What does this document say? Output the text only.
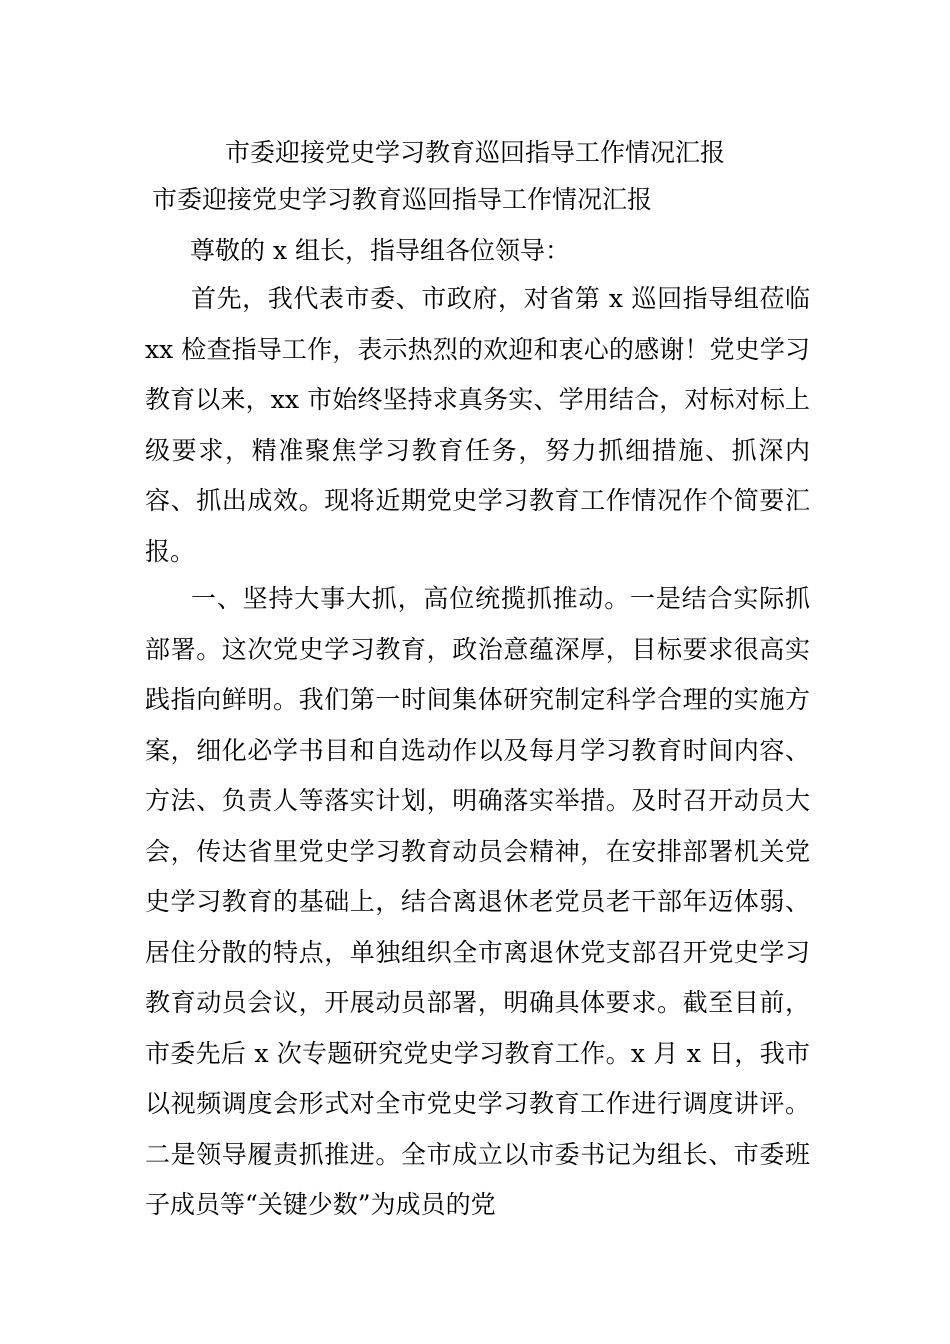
市委迎接党史学习教育巡回指导工作情况汇报
市委迎接党史学习教育巡回指导工作情况汇报
尊敬的 x 组长，指导组各位领导：

首先，我代表市委、市政府，对省第 x 巡回指导组莅临 xx 检查指导工作，表示热烈的欢迎和衷心的感谢！党史学习教育以来，xx 市始终坚持求真务实、学用结合，对标对标上级要求，精准聚焦学习教育任务，努力抓细措施、抓深内容、抓出成效。现将近期党史学习教育工作情况作个简要汇报。

一、坚持大事大抓，高位统揽抓推动。一是结合实际抓部署。这次党史学习教育，政治意蕴深厚，目标要求很高实践指向鲜明。我们第一时间集体研究制定科学合理的实施方案，细化必学书目和自选动作以及每月学习教育时间内容、方法、负责人等落实计划，明确落实举措。及时召开动员大会，传达省里党史学习教育动员会精神，在安排部署机关党史学习教育的基础上，结合离退休老党员老干部年迈体弱、居住分散的特点，单独组织全市离退休党支部召开党史学习教育动员会议，开展动员部署，明确具体要求。截至目前，市委先后 x 次专题研究党史学习教育工作。x 月 x 日，我市以视频调度会形式对全市党史学习教育工作进行调度讲评。二是领导履责抓推进。全市成立以市委书记为组长、市委班子成员等“关键少数”为成员的党
